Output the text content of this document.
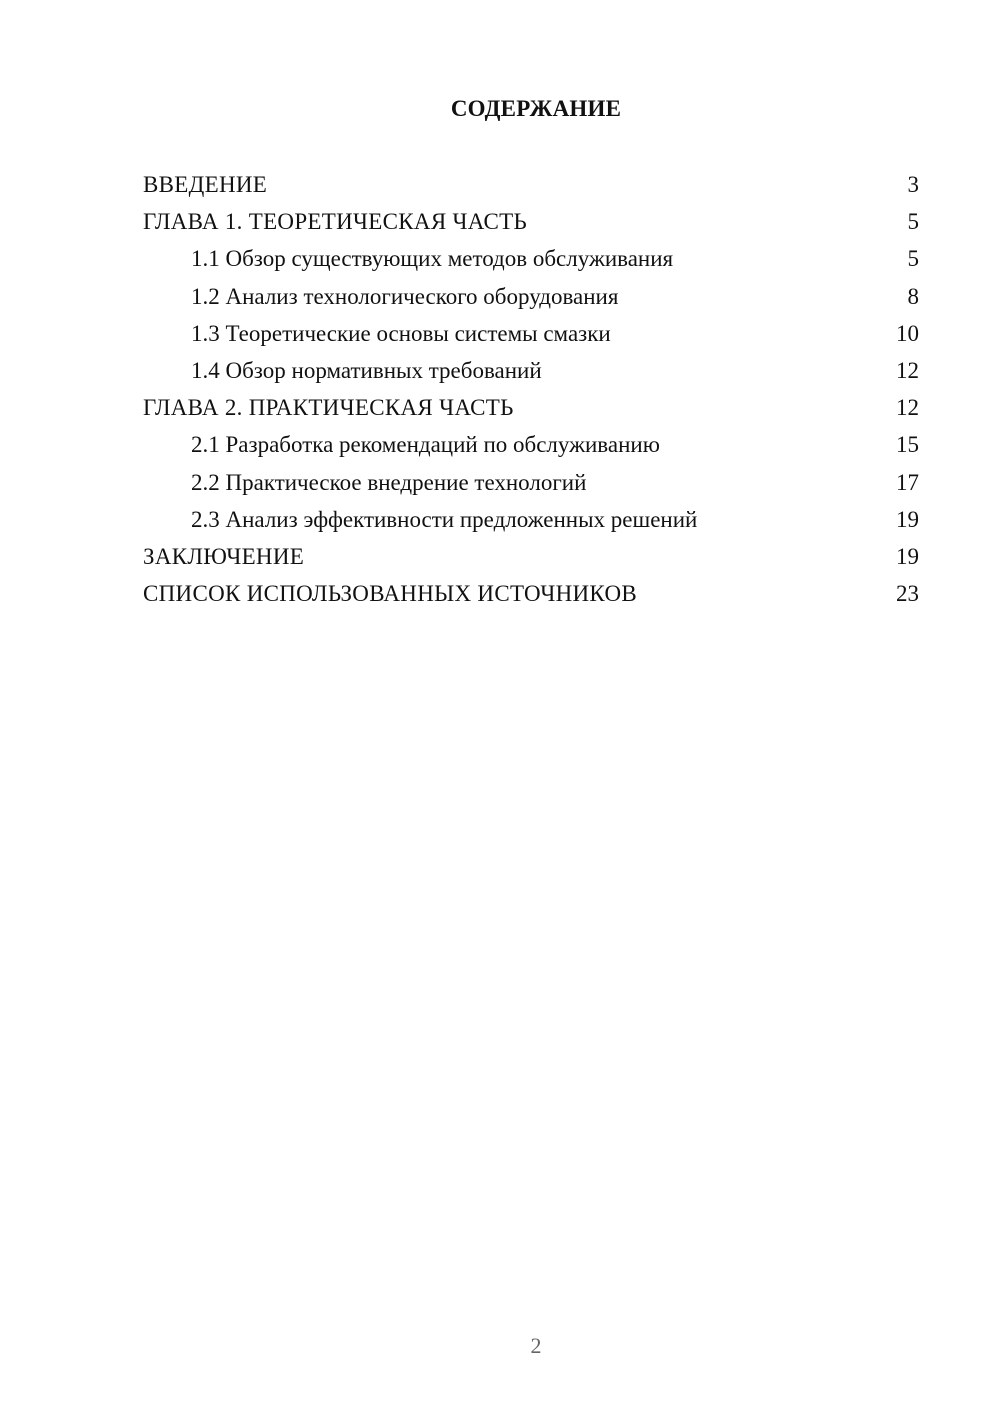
СОДЕРЖАНИЕ
ВВЕДЕНИЕ	3
ГЛАВА 1. ТЕОРЕТИЧЕСКАЯ ЧАСТЬ	5
1.1 Обзор существующих методов обслуживания	5
1.2 Анализ технологического оборудования	8
1.3 Теоретические основы системы смазки	10
1.4 Обзор нормативных требований	12
ГЛАВА 2. ПРАКТИЧЕСКАЯ ЧАСТЬ	12
2.1 Разработка рекомендаций по обслуживанию	15
2.2 Практическое внедрение технологий	17
2.3 Анализ эффективности предложенных решений	19
ЗАКЛЮЧЕНИЕ	19
СПИСОК ИСПОЛЬЗОВАННЫХ ИСТОЧНИКОВ	23
2
